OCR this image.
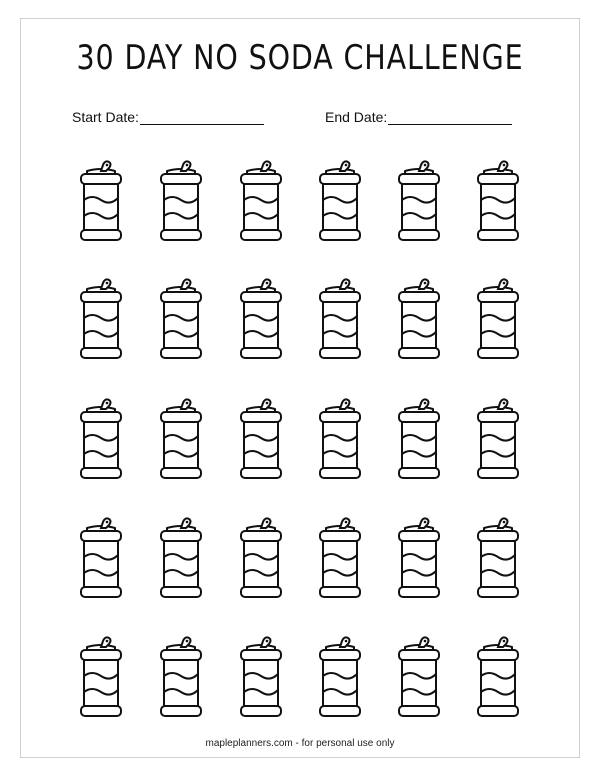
30 DAY NO SODA CHALLENGE
Start Date:	End Date:
mapleplanners.com - for personal use only
